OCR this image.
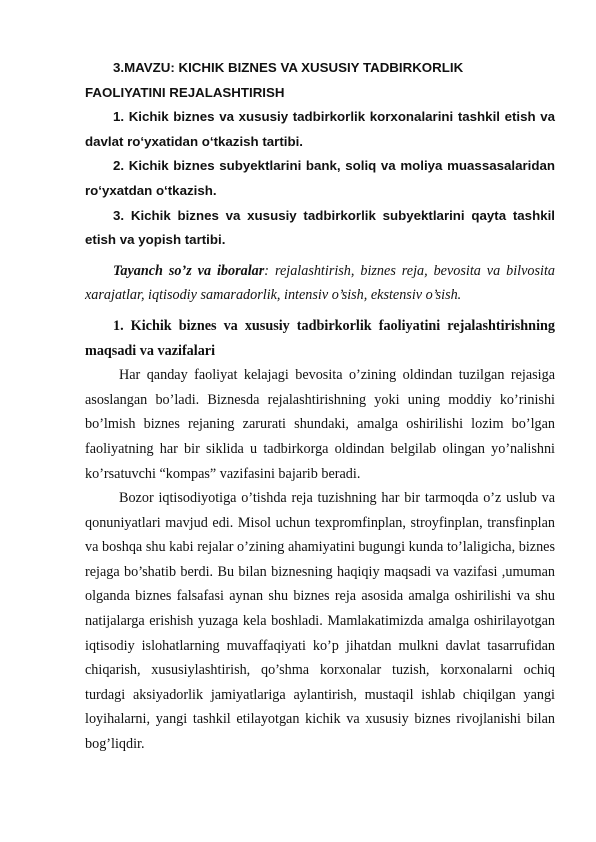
3.MAVZU: KICHIK BIZNES VA XUSUSIY TADBIRKORLIK
FAOLIYATINI REJALASHTIRISH

1. Kichik biznes va xususiy tadbirkorlik korxonalarini tashkil etish va davlat ro‘yxatidan o‘tkazish tartibi.

2. Kichik biznes subyektlarini bank, soliq va moliya muassasalaridan ro‘yxatdan o‘tkazish.

3. Kichik biznes va xususiy tadbirkorlik subyektlarini qayta tashkil etish va yopish tartibi.

Tayanch so’z va iboralar: rejalashtirish, biznes reja, bevosita va bilvosita xarajatlar, iqtisodiy samaradorlik, intensiv o’sish, ekstensiv o’sish.

1. Kichik biznes va xususiy tadbirkorlik faoliyatini rejalashtirishning maqsadi va vazifalari

Har qanday faoliyat kelajagi bevosita o’zining oldindan tuzilgan rejasiga asoslangan bo’ladi. Biznesda rejalashtirishning yoki uning moddiy ko’rinishi bo’lmish biznes rejaning zarurati shundaki, amalga oshirilishi lozim bo’lgan faoliyatning har bir siklida u tadbirkorga oldindan belgilab olingan yo’nalishni ko’rsatuvchi “kompas” vazifasini bajarib beradi.

Bozor iqtisodiyotiga o’tishda reja tuzishning har bir tarmoqda o’z uslub va qonuniyatlari mavjud edi. Misol uchun texpromfinplan, stroyfinplan, transfinplan va boshqa shu kabi rejalar o’zining ahamiyatini bugungi kunda to’laligicha, biznes rejaga bo’shatib berdi. Bu bilan biznesning haqiqiy maqsadi va vazifasi ,umuman olganda biznes falsafasi aynan shu biznes reja asosida amalga oshirilishi va shu natijalarga erishish yuzaga kela boshladi. Mamlakatimizda amalga oshirilayotgan iqtisodiy islohatlarning muvaffaqiyati ko’p jihatdan mulkni davlat tasarrufidan chiqarish, xususiylashtirish, qo’shma korxonalar tuzish, korxonalarni ochiq turdagi aksiyadorlik jamiyatlariga aylantirish, mustaqil ishlab chiqilgan yangi loyihalarni, yangi tashkil etilayotgan kichik va xususiy biznes rivojlanishi bilan bog’liqdir.
